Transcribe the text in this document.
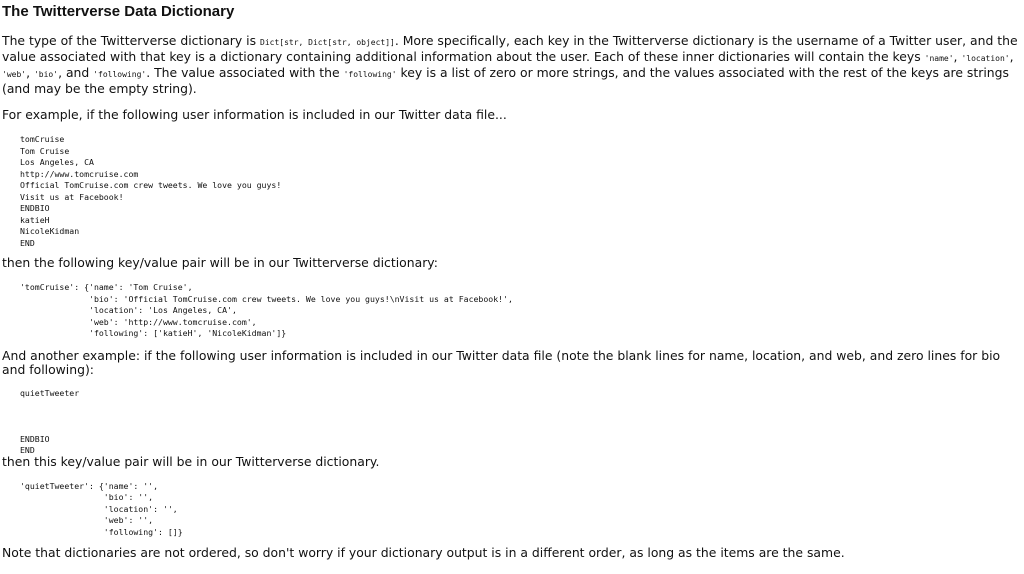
The Twitterverse Data Dictionary

The type of the Twitterverse dictionary is Dict[str, Dict[str, object]]. More specifically, each key in the Twitterverse dictionary is the username of a Twitter user, and the value associated with that key is a dictionary containing additional information about the user. Each of these inner dictionaries will contain the keys 'name', 'location', 'web', 'bio', and 'following'. The value associated with the 'following' key is a list of zero or more strings, and the values associated with the rest of the keys are strings (and may be the empty string).

For example, if the following user information is included in our Twitter data file...

tomCruise
Tom Cruise
Los Angeles, CA
http://www.tomcruise.com
Official TomCruise.com crew tweets. We love you guys!
Visit us at Facebook!
ENDBIO
katieH
NicoleKidman
END

then the following key/value pair will be in our Twitterverse dictionary:

'tomCruise': {'name': 'Tom Cruise',
'bio': 'Official TomCruise.com crew tweets. We love you guys!\nVisit us at Facebook!',
'location': 'Los Angeles, CA',
'web': 'http://www.tomcruise.com',
'following': ['katieH', 'NicoleKidman']}

And another example: if the following user information is included in our Twitter data file (note the blank lines for name, location, and web, and zero lines for bio and following):

quietTweeter

ENDBIO
END

then this key/value pair will be in our Twitterverse dictionary.

'quietTweeter': {'name': '',
'bio': '',
'location': '',
'web': '',
'following': []}

Note that dictionaries are not ordered, so don't worry if your dictionary output is in a different order, as long as the items are the same.
